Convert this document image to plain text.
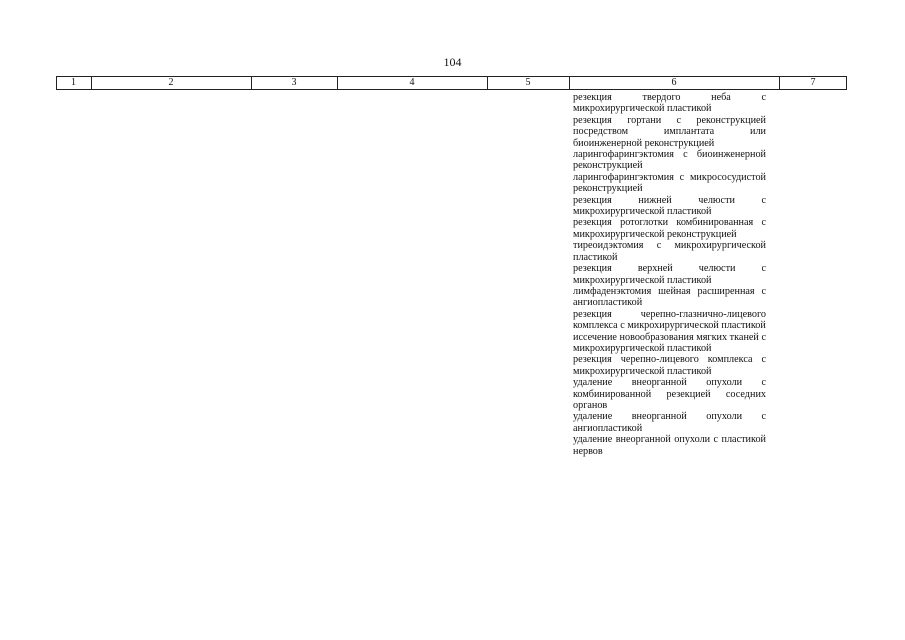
104
1	2	3	4	5	6	7

резекция твердого неба с микрохирургической пластикой

резекция гортани с реконструкцией посредством имплантата или биоинженерной реконструкцией

ларингофарингэктомия с биоинженерной реконструкцией

ларингофарингэктомия с микрососудистой реконструкцией

резекция нижней челюсти с микрохирургической пластикой

резекция ротоглотки комбинированная с микрохирургической реконструкцией

тиреоидэктомия с микрохирургической пластикой

резекция верхней челюсти с микрохирургической пластикой

лимфаденэктомия шейная расширенная с ангиопластикой

резекция черепно-глазнично-лицевого комплекса с микрохирургической пластикой

иссечение новообразования мягких тканей с микрохирургической пластикой

резекция черепно-лицевого комплекса с микрохирургической пластикой

удаление внеорганной опухоли с комбинированной резекцией соседних органов

удаление внеорганной опухоли с ангиопластикой

удаление внеорганной опухоли с пластикой нервов
